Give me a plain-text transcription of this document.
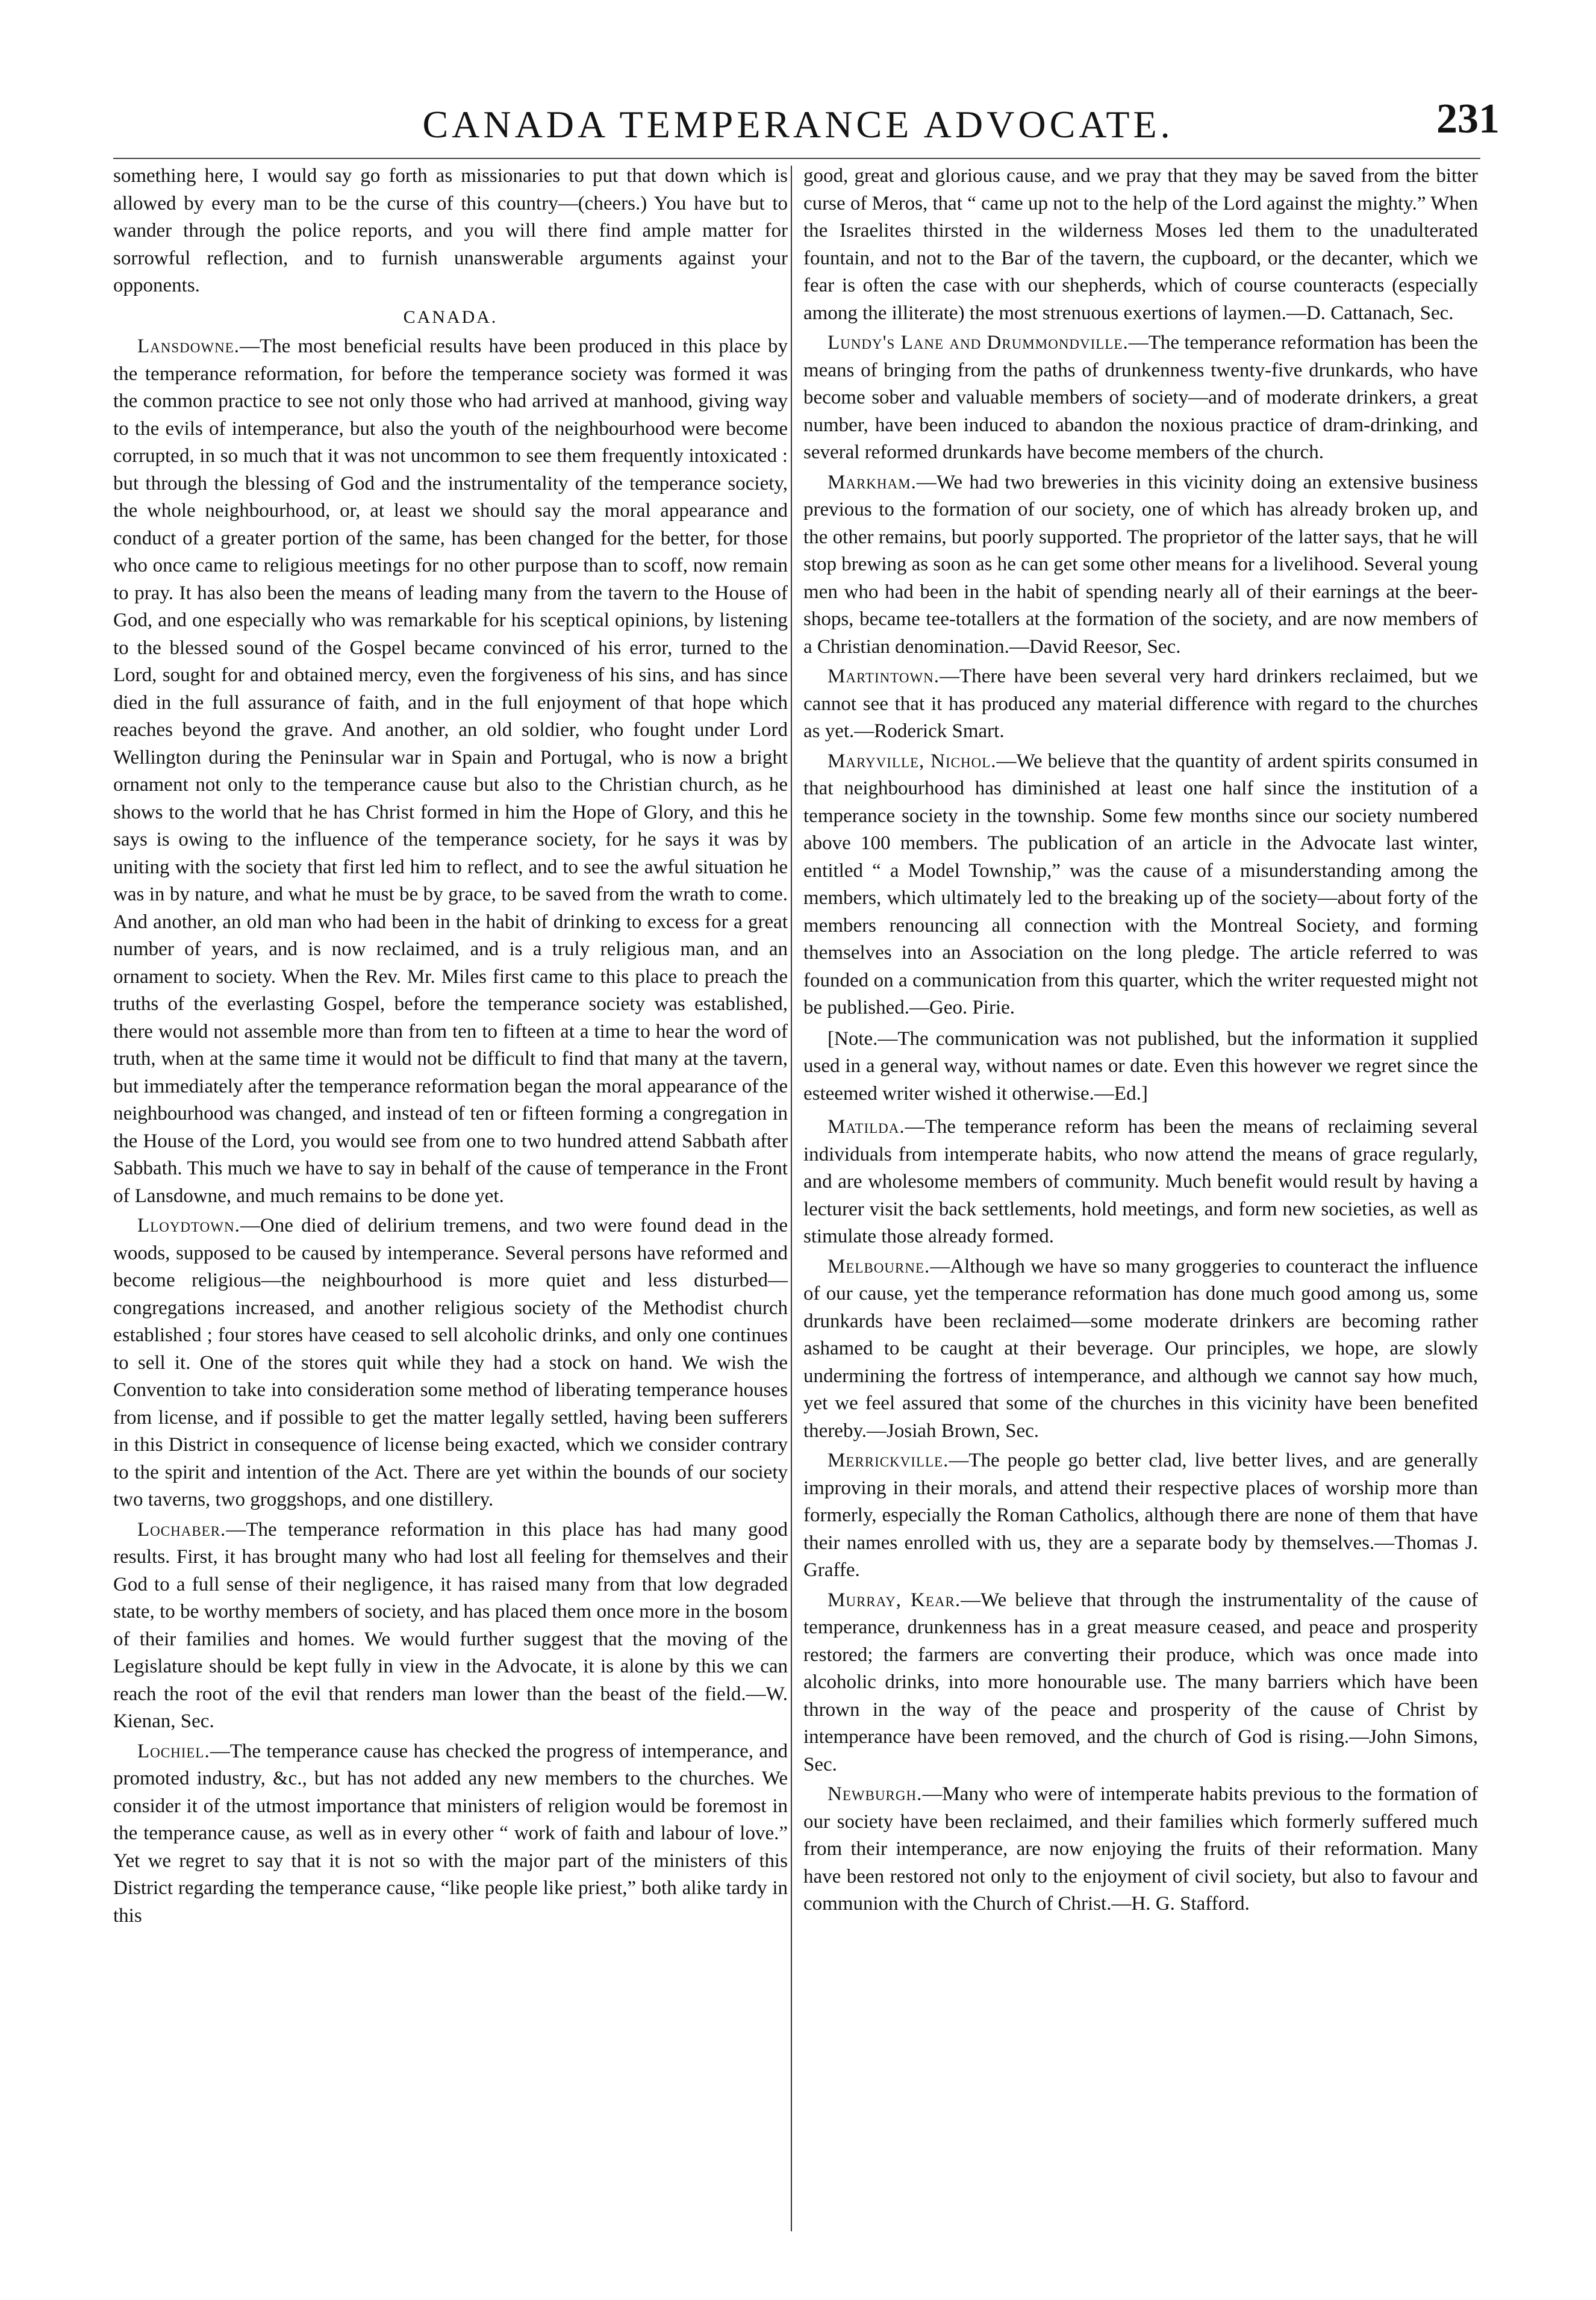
CANADA TEMPERANCE ADVOCATE.	231

something here, I would say go forth as missionaries to put that down which is allowed by every man to be the curse of this country—(cheers.) You have but to wander through the police reports, and you will there find ample matter for sorrowful reflection, and to furnish unanswerable arguments against your opponents.

CANADA.

Lansdowne.—The most beneficial results have been produced in this place by the temperance reformation, for before the temperance society was formed it was the common practice to see not only those who had arrived at manhood, giving way to the evils of intemperance, but also the youth of the neighbourhood were become corrupted, in so much that it was not uncommon to see them frequently intoxicated : but through the blessing of God and the instrumentality of the temperance society, the whole neighbourhood, or, at least we should say the moral appearance and conduct of a greater portion of the same, has been changed for the better, for those who once came to religious meetings for no other purpose than to scoff, now remain to pray. It has also been the means of leading many from the tavern to the House of God, and one especially who was remarkable for his sceptical opinions, by listening to the blessed sound of the Gospel became convinced of his error, turned to the Lord, sought for and obtained mercy, even the forgiveness of his sins, and has since died in the full assurance of faith, and in the full enjoyment of that hope which reaches beyond the grave. And another, an old soldier, who fought under Lord Wellington during the Peninsular war in Spain and Portugal, who is now a bright ornament not only to the temperance cause but also to the Christian church, as he shows to the world that he has Christ formed in him the Hope of Glory, and this he says is owing to the influence of the temperance society, for he says it was by uniting with the society that first led him to reflect, and to see the awful situation he was in by nature, and what he must be by grace, to be saved from the wrath to come. And another, an old man who had been in the habit of drinking to excess for a great number of years, and is now reclaimed, and is a truly religious man, and an ornament to society. When the Rev. Mr. Miles first came to this place to preach the truths of the everlasting Gospel, before the temperance society was established, there would not assemble more than from ten to fifteen at a time to hear the word of truth, when at the same time it would not be difficult to find that many at the tavern, but immediately after the temperance reformation began the moral appearance of the neighbourhood was changed, and instead of ten or fifteen forming a congregation in the House of the Lord, you would see from one to two hundred attend Sabbath after Sabbath. This much we have to say in behalf of the cause of temperance in the Front of Lansdowne, and much remains to be done yet.

Lloydtown.—One died of delirium tremens, and two were found dead in the woods, supposed to be caused by intemperance. Several persons have reformed and become religious—the neighbourhood is more quiet and less disturbed—congregations increased, and another religious society of the Methodist church established ; four stores have ceased to sell alcoholic drinks, and only one continues to sell it. One of the stores quit while they had a stock on hand. We wish the Convention to take into consideration some method of liberating temperance houses from license, and if possible to get the matter legally settled, having been sufferers in this District in consequence of license being exacted, which we consider contrary to the spirit and intention of the Act. There are yet within the bounds of our society two taverns, two groggshops, and one distillery.

Lochaber.—The temperance reformation in this place has had many good results. First, it has brought many who had lost all feeling for themselves and their God to a full sense of their negligence, it has raised many from that low degraded state, to be worthy members of society, and has placed them once more in the bosom of their families and homes. We would further suggest that the moving of the Legislature should be kept fully in view in the Advocate, it is alone by this we can reach the root of the evil that renders man lower than the beast of the field.—W. Kienan, Sec.

Lochiel.—The temperance cause has checked the progress of intemperance, and promoted industry, &c., but has not added any new members to the churches. We consider it of the utmost importance that ministers of religion would be foremost in the temperance cause, as well as in every other “ work of faith and labour of love.” Yet we regret to say that it is not so with the major part of the ministers of this District regarding the temperance cause, “like people like priest,” both alike tardy in this

good, great and glorious cause, and we pray that they may be saved from the bitter curse of Meros, that “ came up not to the help of the Lord against the mighty.” When the Israelites thirsted in the wilderness Moses led them to the unadulterated fountain, and not to the Bar of the tavern, the cupboard, or the decanter, which we fear is often the case with our shepherds, which of course counteracts (especially among the illiterate) the most strenuous exertions of laymen.—D. Cattanach, Sec.

Lundy's Lane and Drummondville.—The temperance reformation has been the means of bringing from the paths of drunkenness twenty-five drunkards, who have become sober and valuable members of society—and of moderate drinkers, a great number, have been induced to abandon the noxious practice of dram-drinking, and several reformed drunkards have become members of the church.

Markham.—We had two breweries in this vicinity doing an extensive business previous to the formation of our society, one of which has already broken up, and the other remains, but poorly supported. The proprietor of the latter says, that he will stop brewing as soon as he can get some other means for a livelihood. Several young men who had been in the habit of spending nearly all of their earnings at the beer-shops, became tee-totallers at the formation of the society, and are now members of a Christian denomination.—David Reesor, Sec.

Martintown.—There have been several very hard drinkers reclaimed, but we cannot see that it has produced any material difference with regard to the churches as yet.—Roderick Smart.

Maryville, Nichol.—We believe that the quantity of ardent spirits consumed in that neighbourhood has diminished at least one half since the institution of a temperance society in the township. Some few months since our society numbered above 100 members. The publication of an article in the Advocate last winter, entitled “ a Model Township,” was the cause of a misunderstanding among the members, which ultimately led to the breaking up of the society—about forty of the members renouncing all connection with the Montreal Society, and forming themselves into an Association on the long pledge. The article referred to was founded on a communication from this quarter, which the writer requested might not be published.—Geo. Pirie.

[Note.—The communication was not published, but the information it supplied used in a general way, without names or date. Even this however we regret since the esteemed writer wished it otherwise.—Ed.]

Matilda.—The temperance reform has been the means of reclaiming several individuals from intemperate habits, who now attend the means of grace regularly, and are wholesome members of community. Much benefit would result by having a lecturer visit the back settlements, hold meetings, and form new societies, as well as stimulate those already formed.

Melbourne.—Although we have so many groggeries to counteract the influence of our cause, yet the temperance reformation has done much good among us, some drunkards have been reclaimed—some moderate drinkers are becoming rather ashamed to be caught at their beverage. Our principles, we hope, are slowly undermining the fortress of intemperance, and although we cannot say how much, yet we feel assured that some of the churches in this vicinity have been benefited thereby.—Josiah Brown, Sec.

Merrickville.—The people go better clad, live better lives, and are generally improving in their morals, and attend their respective places of worship more than formerly, especially the Roman Catholics, although there are none of them that have their names enrolled with us, they are a separate body by themselves.—Thomas J. Graffe.

Murray, Kear.—We believe that through the instrumentality of the cause of temperance, drunkenness has in a great measure ceased, and peace and prosperity restored; the farmers are converting their produce, which was once made into alcoholic drinks, into more honourable use. The many barriers which have been thrown in the way of the peace and prosperity of the cause of Christ by intemperance have been removed, and the church of God is rising.—John Simons, Sec.

Newburgh.—Many who were of intemperate habits previous to the formation of our society have been reclaimed, and their families which formerly suffered much from their intemperance, are now enjoying the fruits of their reformation. Many have been restored not only to the enjoyment of civil society, but also to favour and communion with the Church of Christ.—H. G. Stafford.
